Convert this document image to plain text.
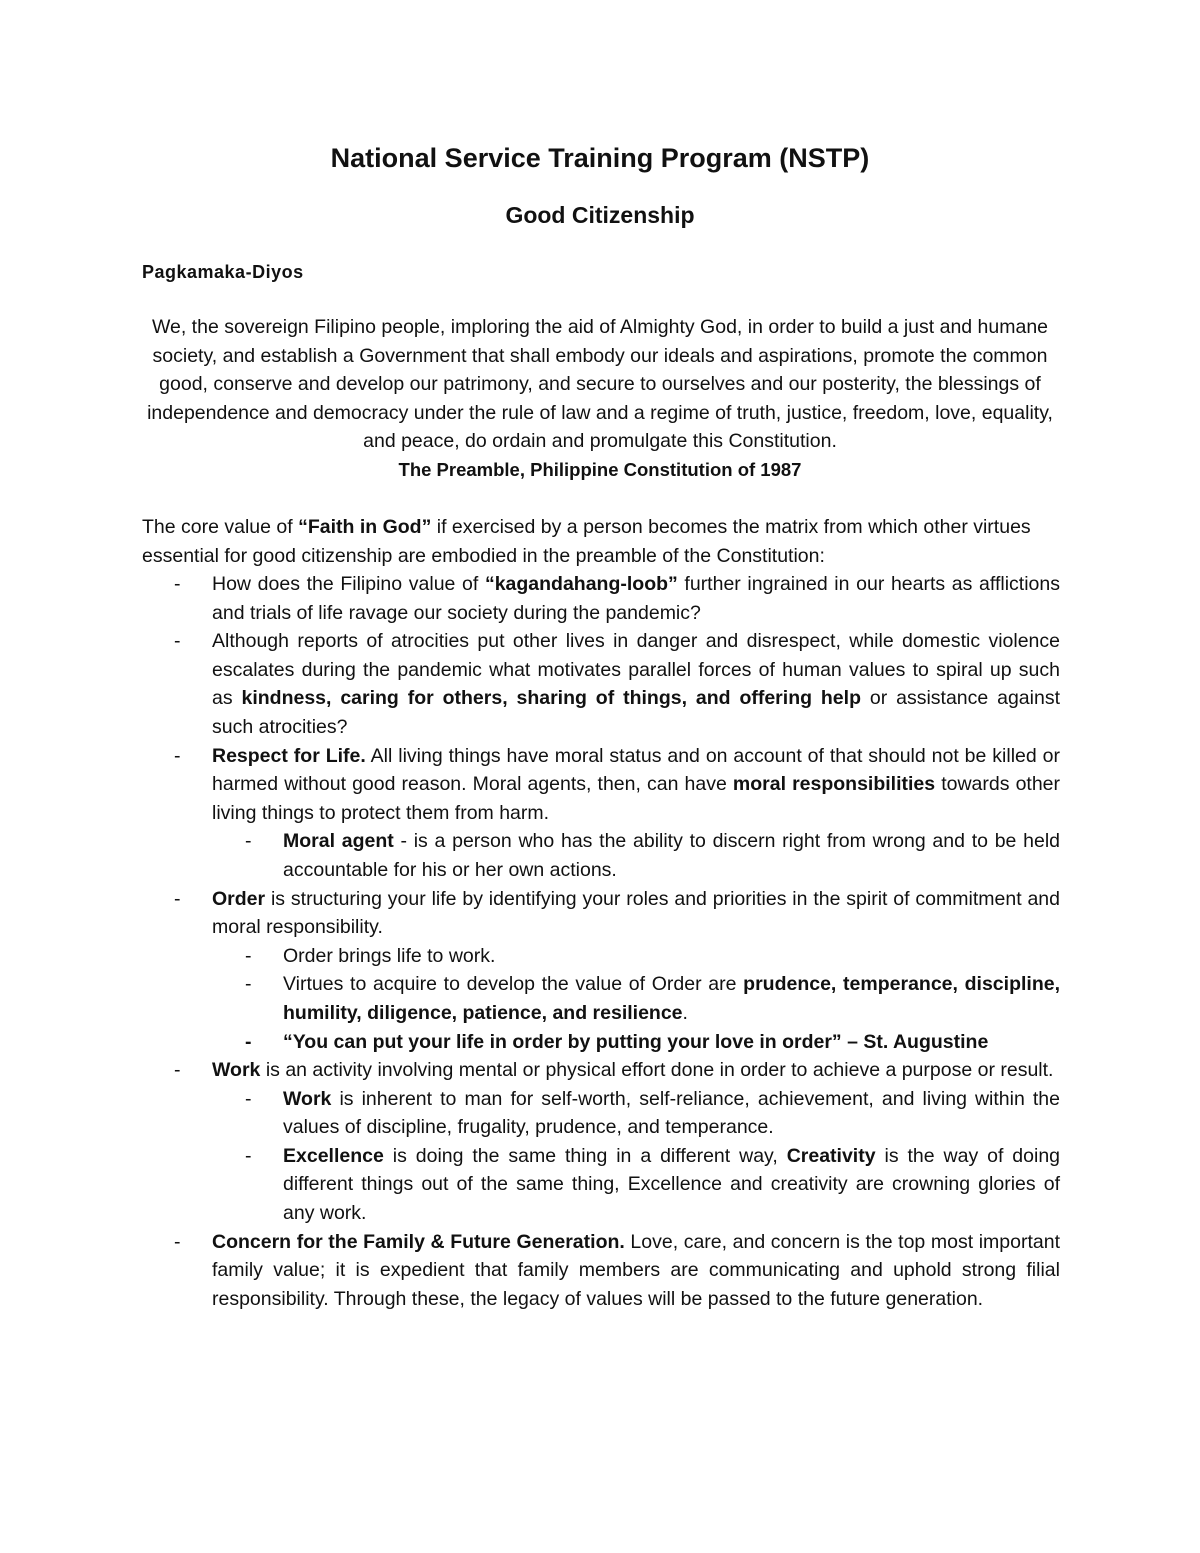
National Service Training Program (NSTP)
Good Citizenship
Pagkamaka-Diyos

We, the sovereign Filipino people, imploring the aid of Almighty God, in order to build a just and humane society, and establish a Government that shall embody our ideals and aspirations, promote the common good, conserve and develop our patrimony, and secure to ourselves and our posterity, the blessings of independence and democracy under the rule of law and a regime of truth, justice, freedom, love, equality, and peace, do ordain and promulgate this Constitution.

The Preamble, Philippine Constitution of 1987

The core value of “Faith in God” if exercised by a person becomes the matrix from which other virtues essential for good citizenship are embodied in the preamble of the Constitution:

- How does the Filipino value of “kagandahang-loob” further ingrained in our hearts as afflictions and trials of life ravage our society during the pandemic?
- Although reports of atrocities put other lives in danger and disrespect, while domestic violence escalates during the pandemic what motivates parallel forces of human values to spiral up such as kindness, caring for others, sharing of things, and offering help or assistance against such atrocities?
- Respect for Life. All living things have moral status and on account of that should not be killed or harmed without good reason. Moral agents, then, can have moral responsibilities towards other living things to protect them from harm.
- Moral agent - is a person who has the ability to discern right from wrong and to be held accountable for his or her own actions.
- Order is structuring your life by identifying your roles and priorities in the spirit of commitment and moral responsibility.
- Order brings life to work.
- Virtues to acquire to develop the value of Order are prudence, temperance, discipline, humility, diligence, patience, and resilience.
- “You can put your life in order by putting your love in order” – St. Augustine
- Work is an activity involving mental or physical effort done in order to achieve a purpose or result.
- Work is inherent to man for self-worth, self-reliance, achievement, and living within the values of discipline, frugality, prudence, and temperance.
- Excellence is doing the same thing in a different way, Creativity is the way of doing different things out of the same thing, Excellence and creativity are crowning glories of any work.
- Concern for the Family & Future Generation. Love, care, and concern is the top most important family value; it is expedient that family members are communicating and uphold strong filial responsibility. Through these, the legacy of values will be passed to the future generation.
